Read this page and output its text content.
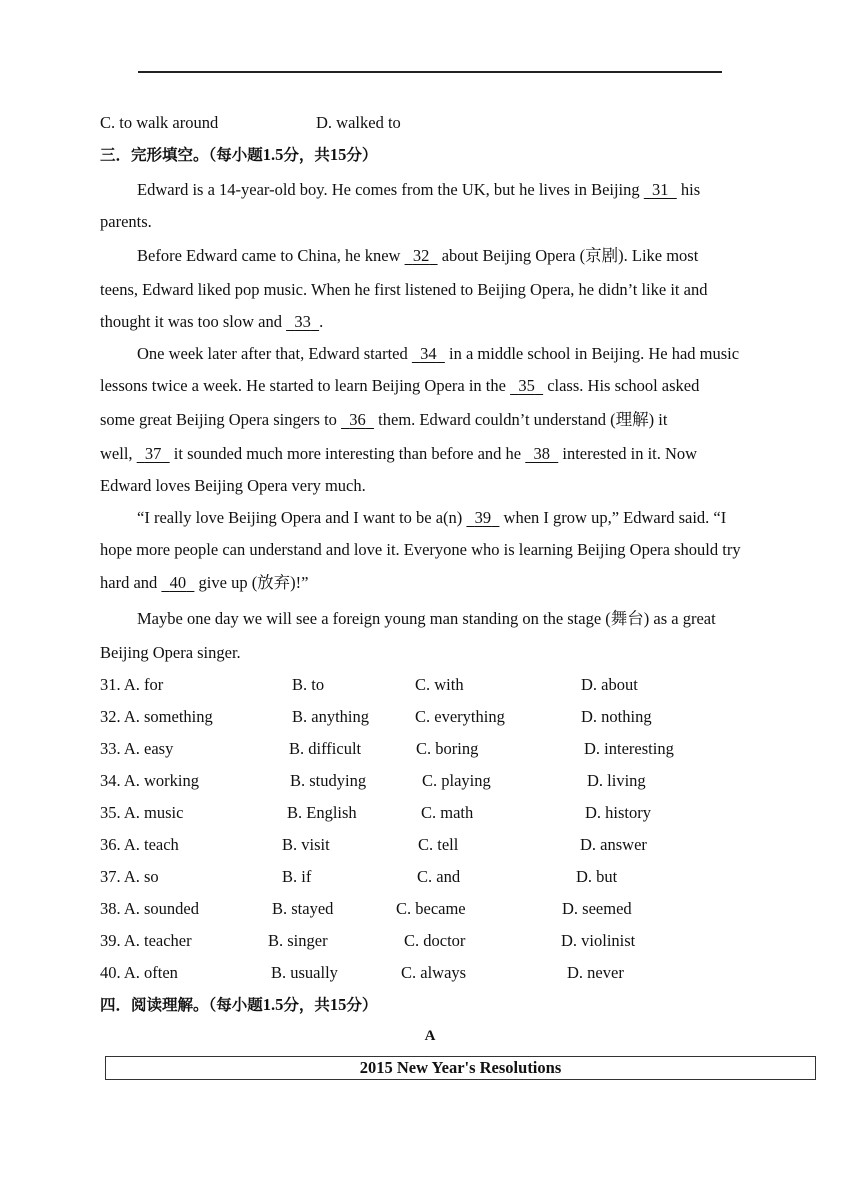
C. to walk around	D. walked to
三．完形填空。（每小题1.5分，共15分）
Edward is a 14-year-old boy. He comes from the UK, but he lives in Beijing 31 his
parents.
Before Edward came to China, he knew 32 about Beijing Opera (京剧). Like most
teens, Edward liked pop music. When he first listened to Beijing Opera, he didn’t like it and
thought it was too slow and 33 .
One week later after that, Edward started 34 in a middle school in Beijing. He had music
lessons twice a week. He started to learn Beijing Opera in the 35 class. His school asked
some great Beijing Opera singers to 36 them. Edward couldn’t understand (理解) it
well, 37 it sounded much more interesting than before and he 38 interested in it. Now
Edward loves Beijing Opera very much.
“I really love Beijing Opera and I want to be a(n) 39 when I grow up,” Edward said. “I
hope more people can understand and love it. Everyone who is learning Beijing Opera should try
hard and 40 give up (放弃)!”
Maybe one day we will see a foreign young man standing on the stage (舞台) as a great
Beijing Opera singer.
31. A. for	B. to	C. with	D. about
32. A. something	B. anything	C. everything	D. nothing
33. A. easy	B. difficult	C. boring	D. interesting
34. A. working	B. studying	C. playing	D. living
35. A. music	B. English	C. math	D. history
36. A. teach	B. visit	C. tell	D. answer
37. A. so	B. if	C. and	D. but
38. A. sounded	B. stayed	C. became	D. seemed
39. A. teacher	B. singer	C. doctor	D. violinist
40. A. often	B. usually	C. always	D. never
四．阅读理解。（每小题1.5分，共15分）
A
2015 New Year's Resolutions
